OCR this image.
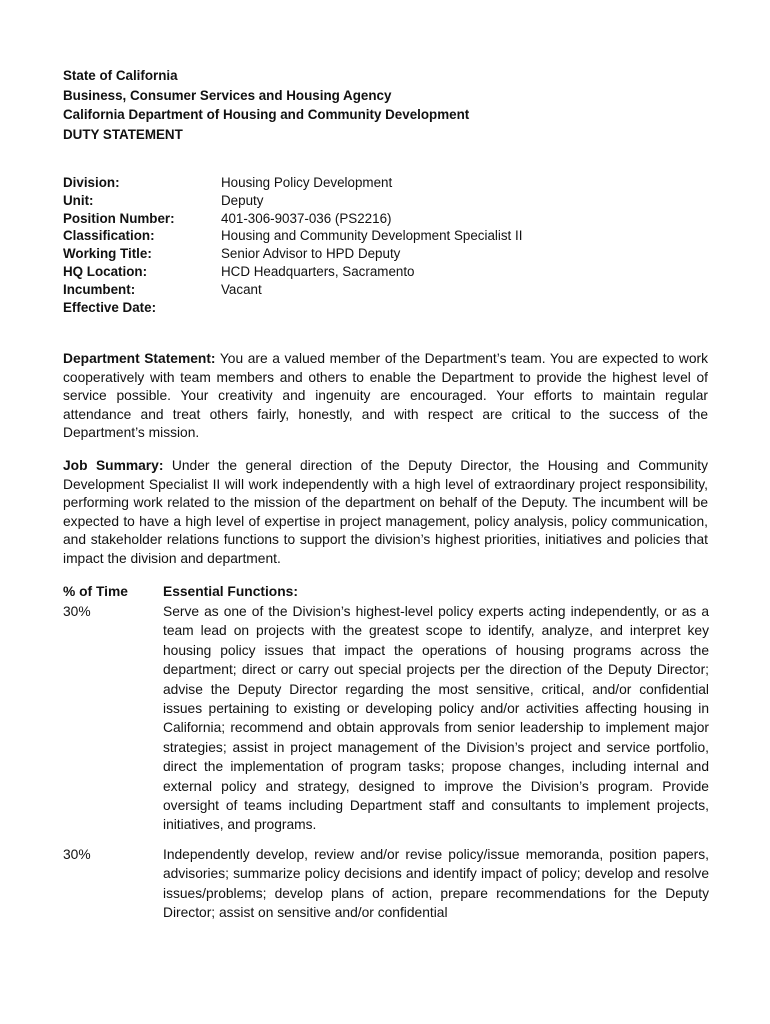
State of California
Business, Consumer Services and Housing Agency
California Department of Housing and Community Development
DUTY STATEMENT
Division:	Housing Policy Development
Unit:	Deputy
Position Number:	401-306-9037-036 (PS2216)
Classification:	Housing and Community Development Specialist II
Working Title:	Senior Advisor to HPD Deputy
HQ Location:	HCD Headquarters, Sacramento
Incumbent:	Vacant
Effective Date:

Department Statement: You are a valued member of the Department’s team. You are expected to work cooperatively with team members and others to enable the Department to provide the highest level of service possible. Your creativity and ingenuity are encouraged. Your efforts to maintain regular attendance and treat others fairly, honestly, and with respect are critical to the success of the Department’s mission.

Job Summary: Under the general direction of the Deputy Director, the Housing and Community Development Specialist II will work independently with a high level of extraordinary project responsibility, performing work related to the mission of the department on behalf of the Deputy. The incumbent will be expected to have a high level of expertise in project management, policy analysis, policy communication, and stakeholder relations functions to support the division’s highest priorities, initiatives and policies that impact the division and department.

% of Time	Essential Functions:
30%	Serve as one of the Division’s highest-level policy experts acting independently, or as a team lead on projects with the greatest scope to identify, analyze, and interpret key housing policy issues that impact the operations of housing programs across the department; direct or carry out special projects per the direction of the Deputy Director; advise the Deputy Director regarding the most sensitive, critical, and/or confidential issues pertaining to existing or developing policy and/or activities affecting housing in California; recommend and obtain approvals from senior leadership to implement major strategies; assist in project management of the Division’s project and service portfolio, direct the implementation of program tasks; propose changes, including internal and external policy and strategy, designed to improve the Division’s program. Provide oversight of teams including Department staff and consultants to implement projects, initiatives, and programs.

30%	Independently develop, review and/or revise policy/issue memoranda, position papers, advisories; summarize policy decisions and identify impact of policy; develop and resolve issues/problems; develop plans of action, prepare recommendations for the Deputy Director; assist on sensitive and/or confidential
